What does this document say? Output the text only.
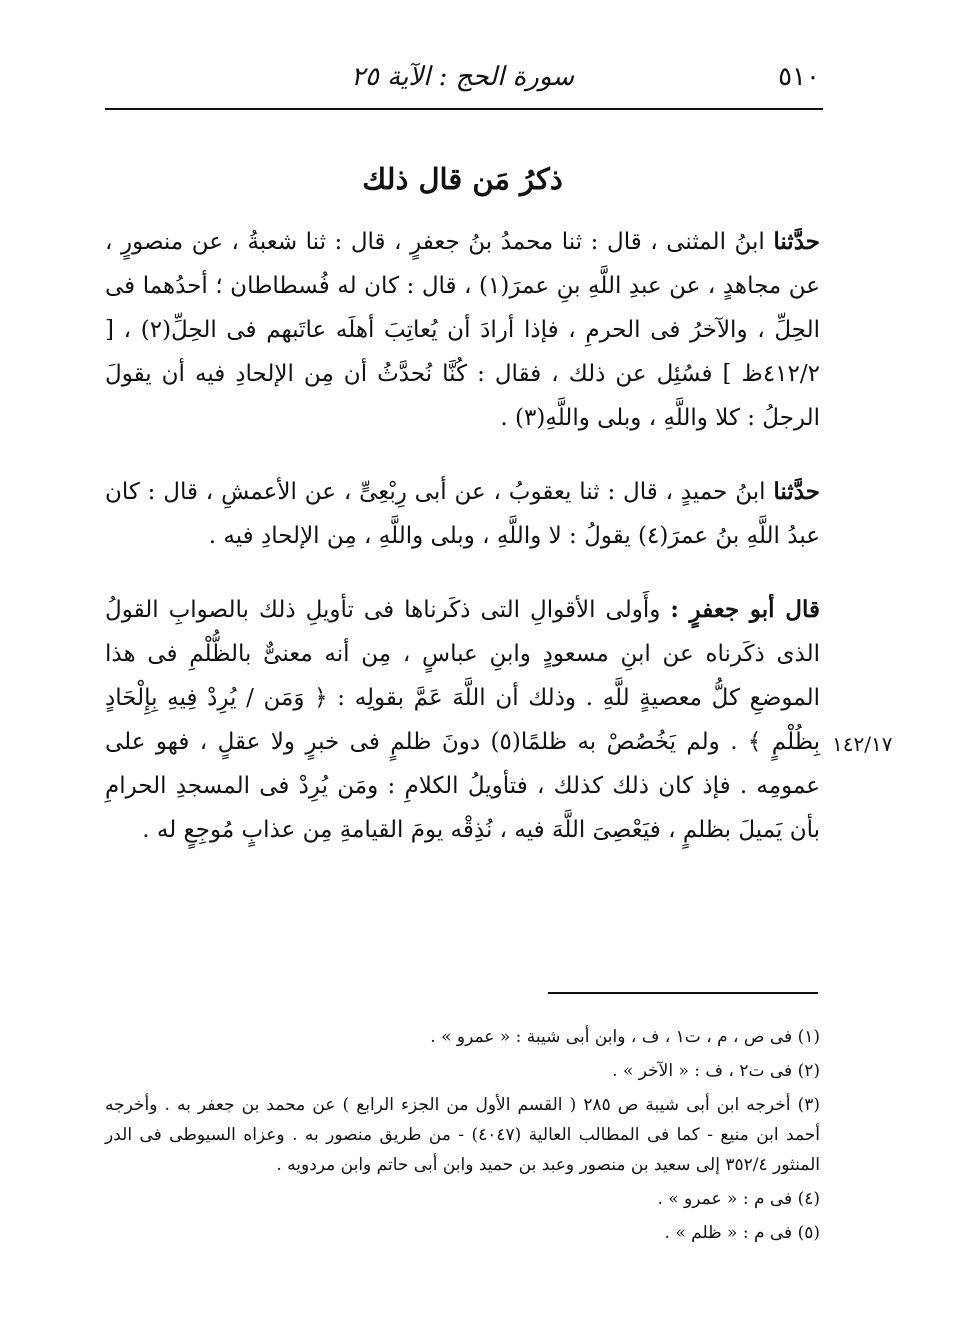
٥١٠
سورة الحج : الآية ٢٥
ذكرُ مَن قال ذلك

حدَّثنا ابنُ المثنى ، قال : ثنا محمدُ بنُ جعفرٍ ، قال : ثنا شعبةُ ، عن منصورٍ ، عن مجاهدٍ ، عن عبدِ اللَّهِ بنِ عمرَ(١) ، قال : كان له فُسطاطان ؛ أحدُهما فى الحِلِّ ، والآخرُ فى الحرمِ ، فإذا أرادَ أن يُعاتِبَ أهلَه عاتَبهم فى الحِلِّ(٢) ، [ ٤١٢/٢ظ ] فسُئِل عن ذلك ، فقال : كُنَّا نُحدَّثُ أن مِن الإلحادِ فيه أن يقولَ الرجلُ : كلا واللَّهِ ، وبلى واللَّهِ(٣) .

حدَّثنا ابنُ حميدٍ ، قال : ثنا يعقوبُ ، عن أبى رِبْعِىٍّ ، عن الأعمشِ ، قال : كان عبدُ اللَّهِ بنُ عمرَ(٤) يقولُ : لا واللَّهِ ، وبلى واللَّهِ ، مِن الإلحادِ فيه .

قال أبو جعفرٍ : وأَولى الأقوالِ التى ذكَرناها فى تأويلِ ذلك بالصوابِ القولُ الذى ذكَرناه عن ابنِ مسعودٍ وابنِ عباسٍ ، مِن أنه معنىٌّ بالظُّلْمِ فى هذا الموضعِ كلُّ معصيةٍ للَّهِ . وذلك أن اللَّهَ عَمَّ بقولِه : ﴿ وَمَن / يُرِدْ فِيهِ بِإِلْحَادٍ بِظُلْمٍ ﴾ . ولم يَخُصُصْ به ظلمًا(٥) دونَ ظلمٍ فى خبرٍ ولا عقلٍ ، فهو على عمومِه . فإذ كان ذلك كذلك ، فتأويلُ الكلامِ : ومَن يُرِدْ فى المسجدِ الحرامِ بأن يَميلَ بظلمٍ ، فيَعْصِىَ اللَّهَ فيه ، نُذِقْه يومَ القيامةِ مِن عذابٍ مُوجِعٍ له .

١٤٢/١٧

(١) فى ص ، م ، ت١ ، ف ، وابن أبى شيبة : « عمرو » .

(٢) فى ت٢ ، ف : « الآخر » .

(٣) أخرجه ابن أبى شيبة ص ٢٨٥ ( القسم الأول من الجزء الرابع ) عن محمد بن جعفر به . وأخرجه أحمد ابن منيع - كما فى المطالب العالية (٤٠٤٧) - من طريق منصور به . وعزاه السيوطى فى الدر المنثور ٣٥٢/٤ إلى سعيد بن منصور وعبد بن حميد وابن أبى حاتم وابن مردويه .

(٤) فى م : « عمرو » .

(٥) فى م : « ظلم » .
